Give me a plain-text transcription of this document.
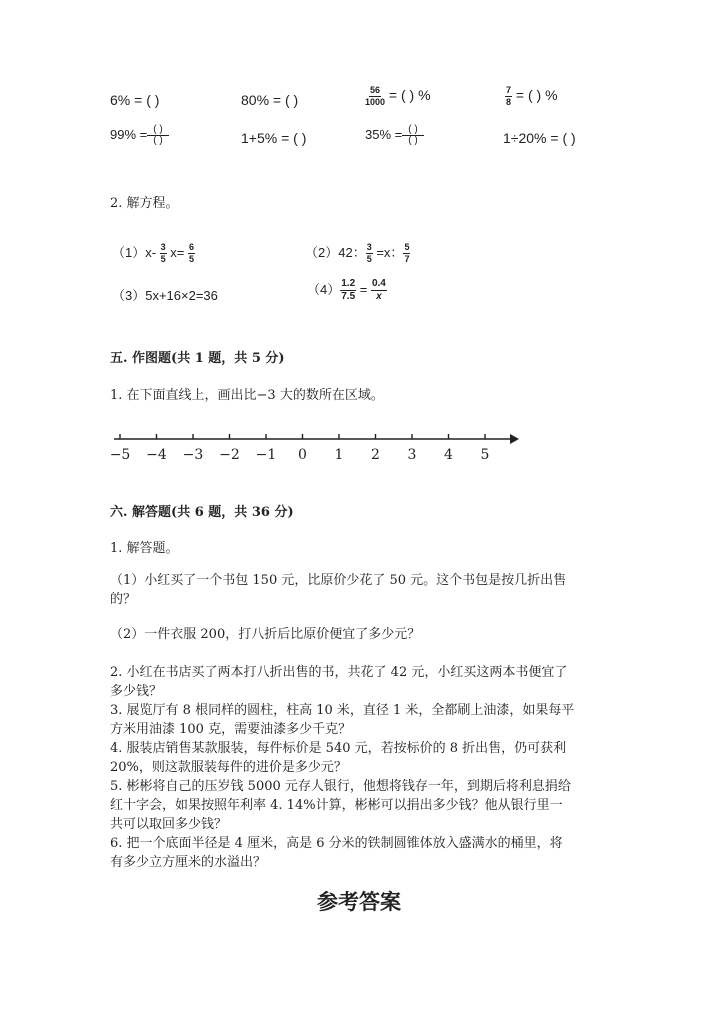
6% = ( )	80% = ( )	$\frac{56}{1000}$ = ( ) %	$\frac{7}{8}$ = ( ) %
$99\% = \frac{( )}{( )}$	1+5% = ( )	$35\% = \frac{( )}{( )}$	1÷20% = ( )
2. 解方程。
$(1)x- \frac{3}{5} x= \frac{6}{5}$	（2）42： $\frac{3}{5} =x$： $\frac{5}{7}$
（3）5x+16×2=36	$(4) \frac{1.2}{7.5} = \frac{0.4}{x}$
五. 作图题(共 1 题，共 5 分)
1. 在下面直线上，画出比−3 大的数所在区域。
−5 −4 −3 −2 −1 0 1 2 3 4 5
六. 解答题(共 6 题，共 36 分)
1. 解答题。
（1）小红买了一个书包 150 元，比原价少花了 50 元。这个书包是按几折出售
的？
（2）一件衣服 200，打八折后比原价便宜了多少元？
2. 小红在书店买了两本打八折出售的书，共花了 42 元，小红买这两本书便宜了
多少钱？
3. 展览厅有 8 根同样的圆柱，柱高 10 米，直径 1 米，全都刷上油漆，如果每平
方米用油漆 100 克，需要油漆多少千克？
4. 服装店销售某款服装，每件标价是 540 元，若按标价的 8 折出售，仍可获利
20%，则这款服装每件的进价是多少元？
5. 彬彬将自己的压岁钱 5000 元存人银行，他想将钱存一年，到期后将利息捐给
红十字会，如果按照年利率 4. 14%计算，彬彬可以捐出多少钱？他从银行里一
共可以取回多少钱？
6. 把一个底面半径是 4 厘米，高是 6 分米的铁制圆锥体放入盛满水的桶里，将
有多少立方厘米的水溢出？
参考答案
